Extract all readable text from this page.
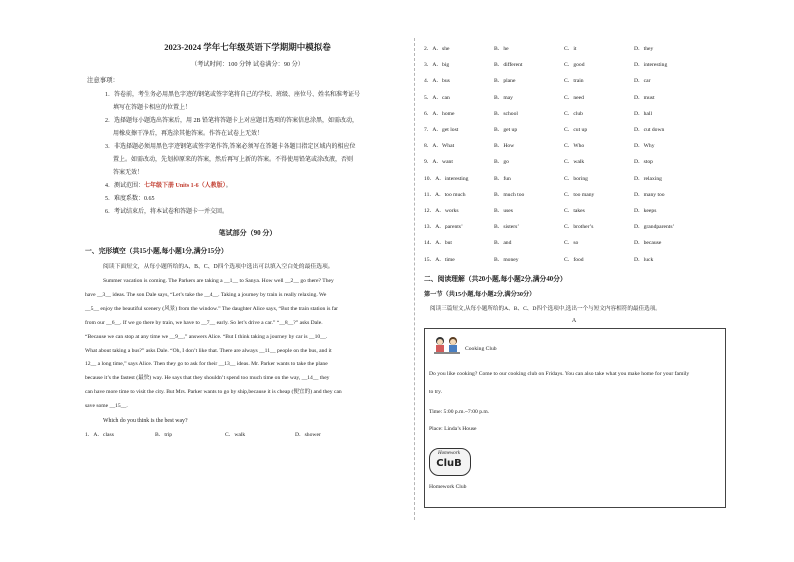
2023-2024 学年七年级英语下学期期中模拟卷
（考试时间：100 分钟 试卷满分：90 分）
注意事项：
1．答卷前，考生务必用黑色字迹的钢笔或签字笔将自己的学校、班级、座位号、姓名和准考证号
填写在答题卡相应的位置上！
2．选择题每小题选出答案后，用 2B 铅笔将答题卡上对应题目选项的答案信息涂黑，如需改动，
用橡皮擦干净后，再选涂其他答案。作答在试卷上无效！
3．非选择题必须用黑色字迹钢笔或签字笔作答,答案必须写在答题卡各题目指定区域内的相应位
置上。如需改动，先划掉原来的答案，然后再写上新的答案。不得使用铅笔或涂改液，否则
答案无效！
4．测试范围：七年级下册 Units 1-6（人教版）。
5．难度系数：0.65
6．考试结束后，将本试卷和答题卡一并交回。
笔试部分（90 分）
一、完形填空（共15小题,每小题1分,满分15分）
阅读下面短文，从每小题所给的A、B、C、D四个选项中选出可以填入空白处的最佳选项。
Summer vacation is coming. The Parkers are taking a __1__ to Sanya. How well __2__ go there? They
have __3__ ideas. The son Dale says, “Let’s take the __4__. Taking a journey by train is really relaxing. We
__5__ enjoy the beautiful scenery (风景) from the window.” The daughter Alice says, “But the train station is far
from our __6__. If we go there by train, we have to __7__ early. So let’s drive a car.” “__8__?” asks Dale.
“Because we can stop at any time we __9__,” answers Alice. “But I think taking a journey by car is __10__.
What about taking a bus?” asks Dale. “Oh, I don’t like that. There are always __11__ people on the bus, and it
12__ a long time,” says Alice. Then they go to ask for their __13__ ideas. Mr. Parker wants to take the plane
because it’s the fastest (最快) way. He says that they shouldn’t spend too much time on the way, __14__ they
can have more time to visit the city. But Mrs. Parker wants to go by ship,because it is cheap (便宜的) and they can
save some __15__.
Which do you think is the best way?
1．A．class	B．trip	C．walk	D．shower
2．A．she	B．he	C．it	D．they
3．A．big	B．different	C．good	D．interesting
4．A．bus	B．plane	C．train	D．car
5．A．can	B．may	C．need	D．must
6．A．home	B．school	C．club	D．hall
7．A．get lost	B．get up	C．cut up	D．cut down
8．A．What	B．How	C．Who	D．Why
9．A．want	B．go	C．walk	D．stop
10．A．interesting	B．fun	C．boring	D．relaxing
11．A．too much	B．much too	C．too many	D．many too
12．A．works	B．uses	C．takes	D．keeps
13．A．parents’	B．sisters’	C．brother’s	D．grandparents’
14．A．but	B．and	C．so	D．because
15．A．time	B．money	C．food	D．luck
二、阅读理解（共20小题,每小题2分,满分40分）
第一节（共15小题,每小题2分,满分30分）
阅读三篇短文,从每小题所给的A、B、C、D四个选项中,选出一个与短文内容相符的最佳选项。
A
Cooking Club
Do you like cooking? Come to our cooking club on Fridays. You can also take what you make home for your family
to try.
Time: 5:00 p.m.~7:00 p.m.
Place: Linda’s House
Homework
CluB
Homework Club
